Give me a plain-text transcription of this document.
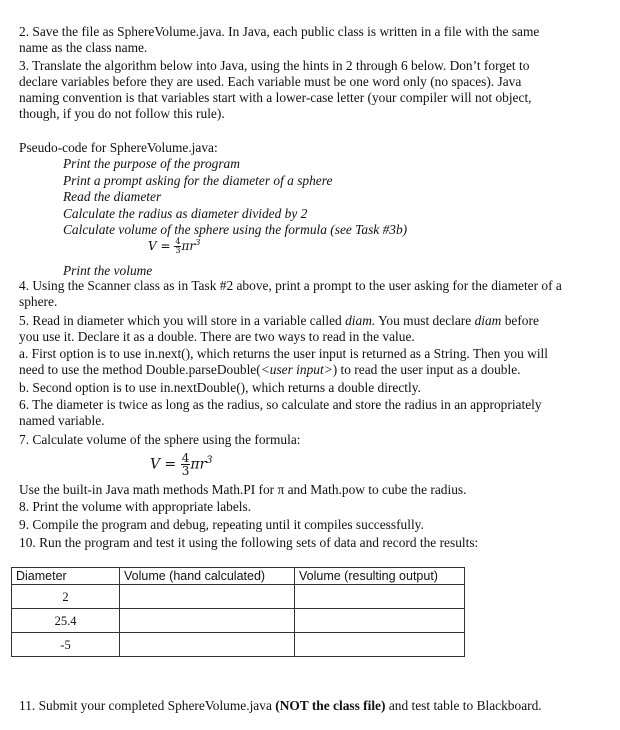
2. Save the file as SphereVolume.java. In Java, each public class is written in a file with the same
name as the class name.
3. Translate the algorithm below into Java, using the hints in 2 through 6 below. Don’t forget to
declare variables before they are used. Each variable must be one word only (no spaces). Java
naming convention is that variables start with a lower-case letter (your compiler will not object,
though, if you do not follow this rule).
Pseudo-code for SphereVolume.java:
Print the purpose of the program
Print a prompt asking for the diameter of a sphere
Read the diameter
Calculate the radius as diameter divided by 2
Calculate volume of the sphere using the formula (see Task #3b)
$V = \frac{4}{3} \pi r^3$
Print the volume
4. Using the Scanner class as in Task #2 above, print a prompt to the user asking for the diameter of a
sphere.
5. Read in diameter which you will store in a variable called diam. You must declare diam before
you use it. Declare it as a double. There are two ways to read in the value.
a. First option is to use in.next(), which returns the user input is returned as a String. Then you will
need to use the method Double.parseDouble(<user input>) to read the user input as a double.
b. Second option is to use in.nextDouble(), which returns a double directly.
6. The diameter is twice as long as the radius, so calculate and store the radius in an appropriately
named variable.
7. Calculate volume of the sphere using the formula:
$V = \frac{4}{3} \pi r^3$
Use the built-in Java math methods Math.PI for π and Math.pow to cube the radius.
8. Print the volume with appropriate labels.
9. Compile the program and debug, repeating until it compiles successfully.
10. Run the program and test it using the following sets of data and record the results:
Diameter	Volume (hand calculated)	Volume (resulting output)
2		
25.4		
-5		
11. Submit your completed SphereVolume.java (NOT the class file) and test table to Blackboard.
